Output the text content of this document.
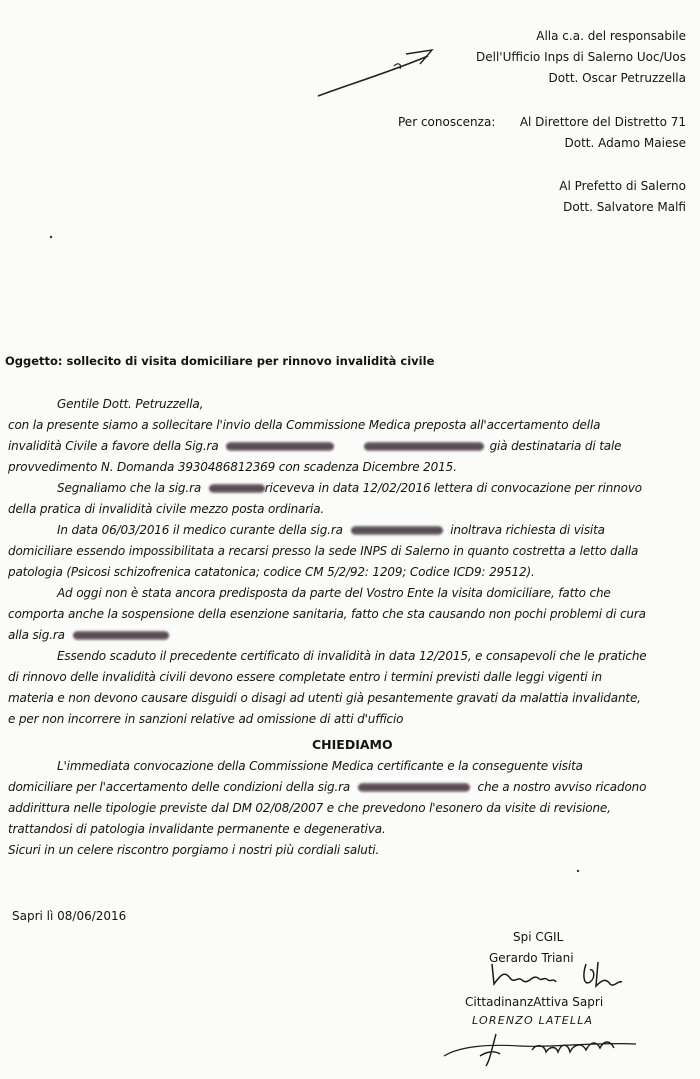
Alla c.a. del responsabile
Dell'Ufficio Inps di Salerno Uoc/Uos
Dott. Oscar Petruzzella
Per conoscenza: Al Direttore del Distretto 71
Dott. Adamo Maiese
Al Prefetto di Salerno
Dott. Salvatore Malfi
Oggetto: sollecito di visita domiciliare per rinnovo invalidità civile
Gentile Dott. Petruzzella,
con la presente siamo a sollecitare l'invio della Commissione Medica preposta all'accertamento della
invalidità Civile a favore della Sig.ra	già destinataria di tale
provvedimento N. Domanda 3930486812369 con scadenza Dicembre 2015.
Segnaliamo che la sig.ra	riceveva in data 12/02/2016 lettera di convocazione per rinnovo
della pratica di invalidità civile mezzo posta ordinaria.
In data 06/03/2016 il medico curante della sig.ra	inoltrava richiesta di visita
domiciliare essendo impossibilitata a recarsi presso la sede INPS di Salerno in quanto costretta a letto dalla
patologia (Psicosi schizofrenica catatonica; codice CM 5/2/92: 1209; Codice ICD9: 29512).
Ad oggi non è stata ancora predisposta da parte del Vostro Ente la visita domiciliare, fatto che
comporta anche la sospensione della esenzione sanitaria, fatto che sta causando non pochi problemi di cura
alla sig.ra
Essendo scaduto il precedente certificato di invalidità in data 12/2015, e consapevoli che le pratiche
di rinnovo delle invalidità civili devono essere completate entro i termini previsti dalle leggi vigenti in
materia e non devono causare disguidi o disagi ad utenti già pesantemente gravati da malattia invalidante,
e per non incorrere in sanzioni relative ad omissione di atti d'ufficio
CHIEDIAMO
L'immediata convocazione della Commissione Medica certificante e la conseguente visita
domiciliare per l'accertamento delle condizioni della sig.ra	che a nostro avviso ricadono
addirittura nelle tipologie previste dal DM 02/08/2007 e che prevedono l'esonero da visite di revisione,
trattandosi di patologia invalidante permanente e degenerativa.
Sicuri in un celere riscontro porgiamo i nostri più cordiali saluti.
Sapri lì 08/06/2016
Spi CGIL
Gerardo Triani
CittadinanzAttiva Sapri
LORENZO LATELLA
